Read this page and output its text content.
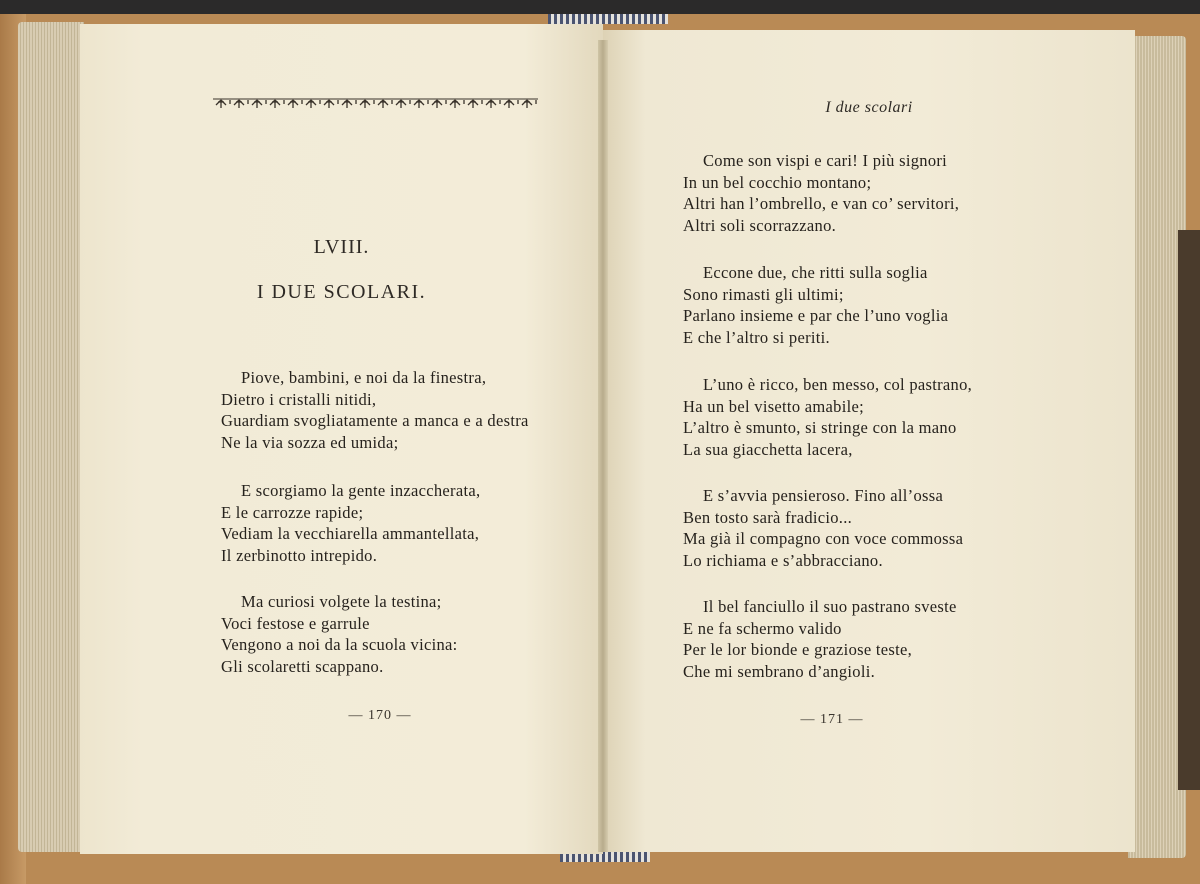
LVIII.
I DUE SCOLARI.
Piove, bambini, e noi da la finestra,
Dietro i cristalli nitidi,
Guardiam svogliatamente a manca e a destra
Ne la via sozza ed umida;
E scorgiamo la gente inzaccherata,
E le carrozze rapide;
Vediam la vecchiarella ammantellata,
Il zerbinotto intrepido.
Ma curiosi volgete la testina;
Voci festose e garrule
Vengono a noi da la scuola vicina:
Gli scolaretti scappano.
— 170 —
I due scolari
Come son vispi e cari! I più signori
In un bel cocchio montano;
Altri han l’ombrello, e van co’ servitori,
Altri soli scorrazzano.
Eccone due, che ritti sulla soglia
Sono rimasti gli ultimi;
Parlano insieme e par che l’uno voglia
E che l’altro si periti.
L’uno è ricco, ben messo, col pastrano,
Ha un bel visetto amabile;
L’altro è smunto, si stringe con la mano
La sua giacchetta lacera,
E s’avvia pensieroso. Fino all’ossa
Ben tosto sarà fradicio...
Ma già il compagno con voce commossa
Lo richiama e s’abbracciano.
Il bel fanciullo il suo pastrano sveste
E ne fa schermo valido
Per le lor bionde e graziose teste,
Che mi sembrano d’angioli.
— 171 —
